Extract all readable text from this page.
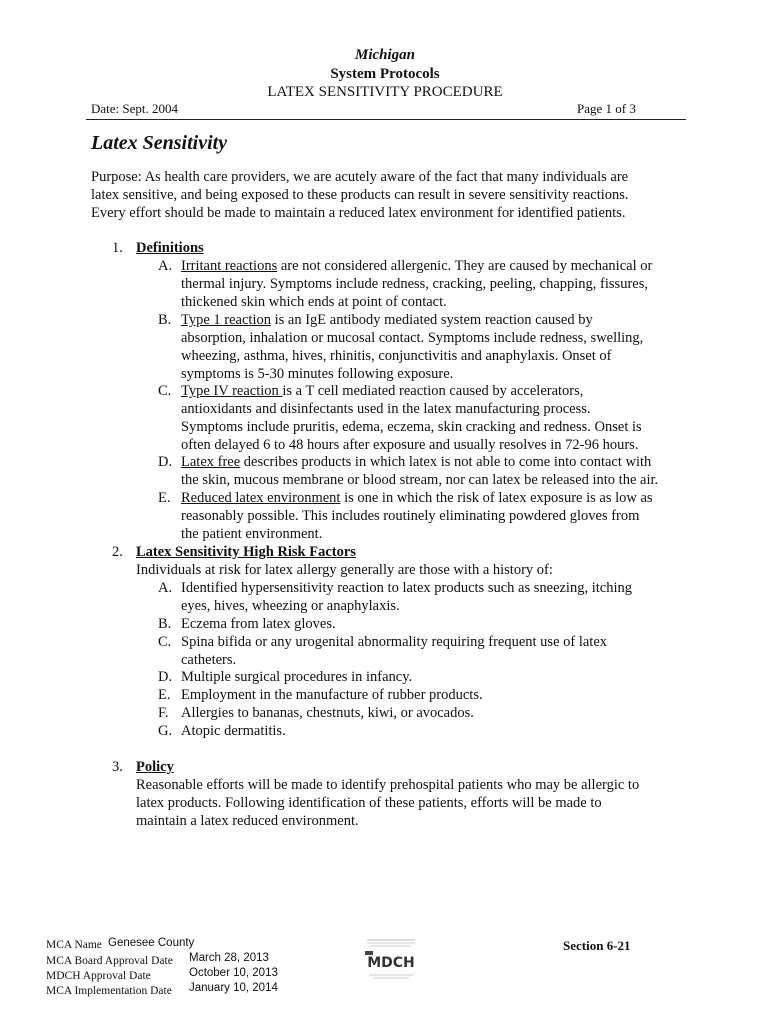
Michigan
System Protocols
LATEX SENSITIVITY PROCEDURE
Date: Sept. 2004	Page 1 of 3
Latex Sensitivity
Purpose: As health care providers, we are acutely aware of the fact that many individuals are
latex sensitive, and being exposed to these products can result in severe sensitivity reactions.
Every effort should be made to maintain a reduced latex environment for identified patients.
1. Definitions
A. Irritant reactions are not considered allergenic. They are caused by mechanical or
thermal injury. Symptoms include redness, cracking, peeling, chapping, fissures,
thickened skin which ends at point of contact.
B. Type 1 reaction is an IgE antibody mediated system reaction caused by
absorption, inhalation or mucosal contact. Symptoms include redness, swelling,
wheezing, asthma, hives, rhinitis, conjunctivitis and anaphylaxis. Onset of
symptoms is 5-30 minutes following exposure.
C. Type IV reaction is a T cell mediated reaction caused by accelerators,
antioxidants and disinfectants used in the latex manufacturing process.
Symptoms include pruritis, edema, eczema, skin cracking and redness. Onset is
often delayed 6 to 48 hours after exposure and usually resolves in 72-96 hours.
D. Latex free describes products in which latex is not able to come into contact with
the skin, mucous membrane or blood stream, nor can latex be released into the air.
E. Reduced latex environment is one in which the risk of latex exposure is as low as
reasonably possible. This includes routinely eliminating powdered gloves from
the patient environment.
2. Latex Sensitivity High Risk Factors
Individuals at risk for latex allergy generally are those with a history of:
A. Identified hypersensitivity reaction to latex products such as sneezing, itching
eyes, hives, wheezing or anaphylaxis.
B. Eczema from latex gloves.
C. Spina bifida or any urogenital abnormality requiring frequent use of latex
catheters.
D. Multiple surgical procedures in infancy.
E. Employment in the manufacture of rubber products.
F. Allergies to bananas, chestnuts, kiwi, or avocados.
G. Atopic dermatitis.
3. Policy
Reasonable efforts will be made to identify prehospital patients who may be allergic to
latex products. Following identification of these patients, efforts will be made to
maintain a latex reduced environment.
MCA Name Genesee County
MCA Board Approval Date March 28, 2013
MDCH Approval Date	October 10, 2013
MCA Implementation Date January 10, 2014
MDCH
Section 6-21
